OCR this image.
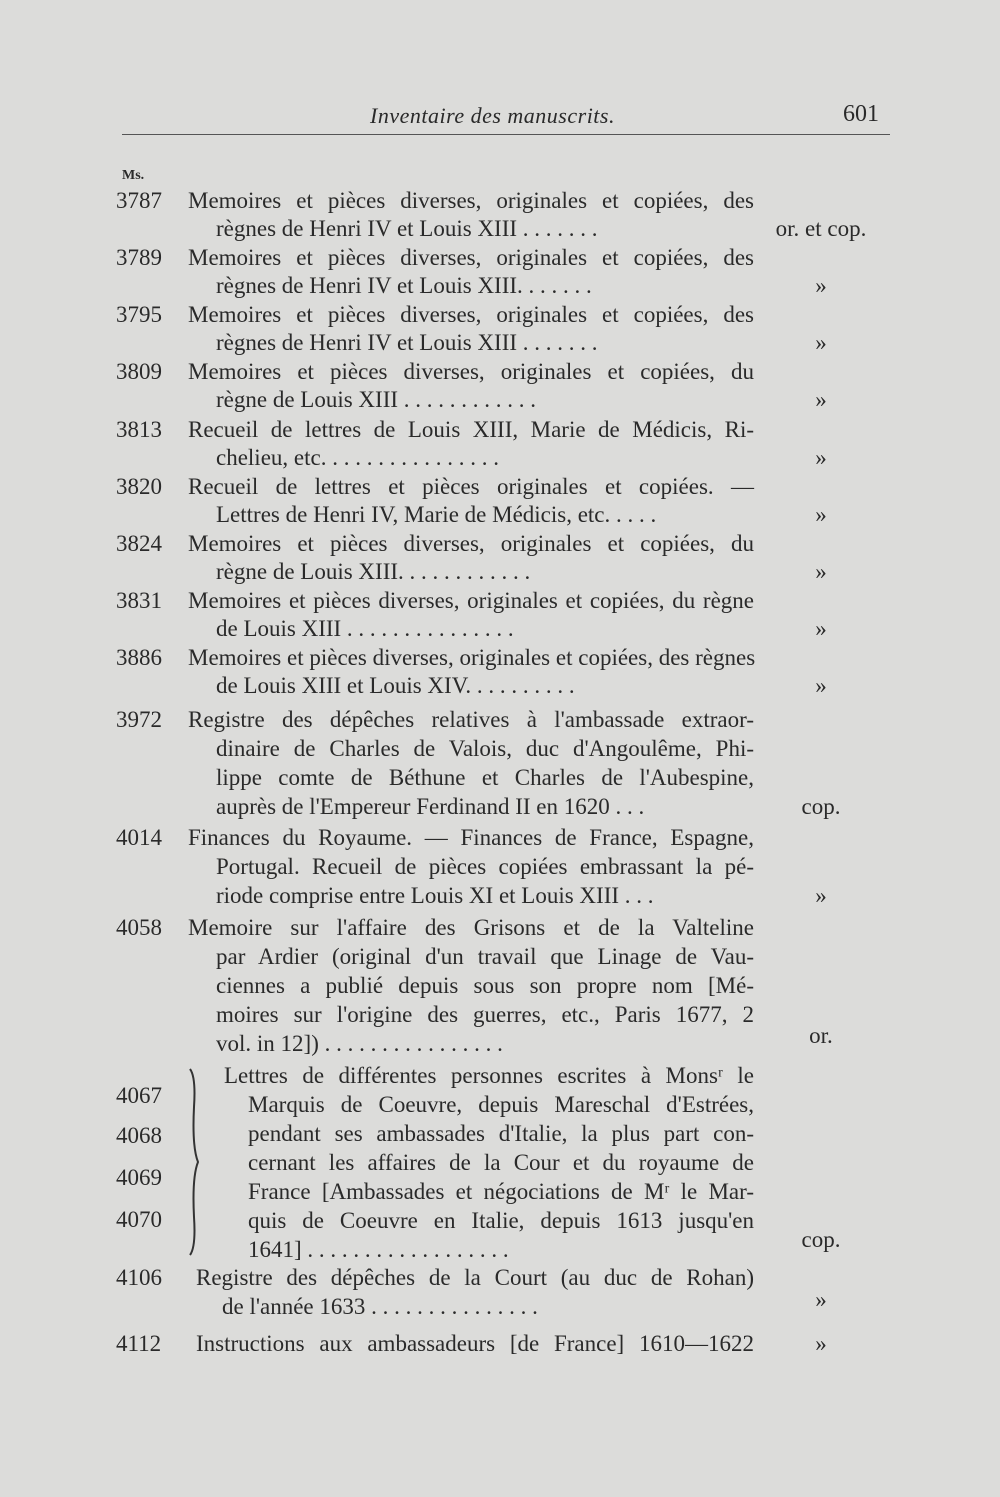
Inventaire des manuscrits.	601
Ms.
3787 Memoires et pièces diverses, originales et copiées, des
règnes de Henri IV et Louis XIII . . . . . . .	or. et cop.
3789 Memoires et pièces diverses, originales et copiées, des
règnes de Henri IV et Louis XIII. . . . . . .	»
3795 Memoires et pièces diverses, originales et copiées, des
règnes de Henri IV et Louis XIII . . . . . . .	»
3809 Memoires et pièces diverses, originales et copiées, du
règne de Louis XIII . . . . . . . . . . . .	»
3813 Recueil de lettres de Louis XIII, Marie de Médicis, Ri-
chelieu, etc. . . . . . . . . . . . . . . .	»
3820 Recueil de lettres et pièces originales et copiées. —
Lettres de Henri IV, Marie de Médicis, etc. . . . .	»
3824 Memoires et pièces diverses, originales et copiées, du
règne de Louis XIII. . . . . . . . . . . .	»
3831 Memoires et pièces diverses, originales et copiées, du règne
de Louis XIII . . . . . . . . . . . . . . .	»
3886 Memoires et pièces diverses, originales et copiées, des règnes
de Louis XIII et Louis XIV. . . . . . . . . .	»
3972 Registre des dépêches relatives à l'ambassade extraor-
dinaire de Charles de Valois, duc d'Angoulême, Phi-
lippe comte de Béthune et Charles de l'Aubespine,
auprès de l'Empereur Ferdinand II en 1620 . . .	cop.
4014 Finances du Royaume. — Finances de France, Espagne,
Portugal. Recueil de pièces copiées embrassant la pé-
riode comprise entre Louis XI et Louis XIII . . .	»
4058 Memoire sur l'affaire des Grisons et de la Valteline
par Ardier (original d'un travail que Linage de Vau-
ciennes a publié depuis sous son propre nom [Mé-
moires sur l'origine des guerres, etc., Paris 1677, 2
vol. in 12]) . . . . . . . . . . . . . . . .	or.
4067
4068
4069
4070
Lettres de différentes personnes escrites à Monsʳ le
Marquis de Coeuvre, depuis Mareschal d'Estrées,
pendant ses ambassades d'Italie, la plus part con-
cernant les affaires de la Cour et du royaume de
France [Ambassades et négociations de Mʳ le Mar-
quis de Coeuvre en Italie, depuis 1613 jusqu'en
1641] . . . . . . . . . . . . . . . . . .	cop.
4106 Registre des dépêches de la Court (au duc de Rohan)
de l'année 1633 . . . . . . . . . . . . . . .	»
4112 Instructions aux ambassadeurs [de France] 1610—1622	»
